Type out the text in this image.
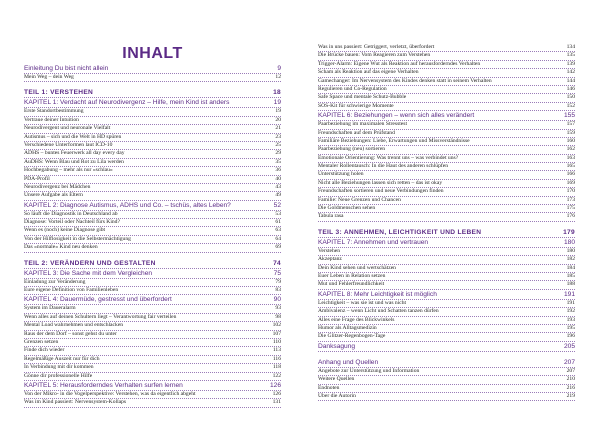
INHALT
Einleitung Du bist nicht allein	9
Mein Weg – dein Weg	12
TEIL 1: VERSTEHEN	18
KAPITEL 1: Verdacht auf Neurodivergenz – Hilfe, mein Kind ist anders	19
Erste Standortbestimmung	19
Vertraue deiner Intuition	20
Neurodivergent und neuronale Vielfalt	21
Autismus – sich und die Welt in HD spüren	23
Verschiedene Unterformen laut ICD-10	25
ADHS – buntes Feuerwerk all day every day	29
AuDHS: Wenn Blau und Rot zu Lila werden	35
Hochbegabung – mehr als nur »schlau«	36
PDA-Profil	40
Neurodivergenz bei Mädchen	43
Unsere Aufgabe als Eltern	49
KAPITEL 2: Diagnose Autismus, ADHS und Co. – tschüs, altes Leben?	52
So läuft die Diagnostik in Deutschland ab	53
Diagnose: Vorteil oder Nachteil fürs Kind?	61
Wenn es (noch) keine Diagnose gibt	63
Von der Hilflosigkeit in die Selbstermächtigung	64
Das »normale« Kind neu denken	69
TEIL 2: VERÄNDERN UND GESTALTEN	74
KAPITEL 3: Die Sache mit dem Vergleichen	75
Einladung zur Veränderung	79
Eure eigene Definition von Familienleben	83
KAPITEL 4: Dauermüde, gestresst und überfordert	90
System im Daueralarm	93
Wenn alles auf deinen Schultern liegt – Verantwortung fair verteilen	98
Mental Load wahrnehmen und entschlacken	102
Raus der dem Dorf – sonst gehst du unter	107
Grenzen setzen	110
Finde dich wieder	113
Regelmäßige Auszeit nur für dich	116
In Verbindung mit dir kommen	118
Gönne dir professionelle Hilfe	122
KAPITEL 5: Herausforderndes Verhalten surfen lernen	126
Von der Mikro- in die Vogelperspektive: Verstehen, was da eigentlich abgeht	126
Was im Kind passiert: Nervensystem-Kollaps	131
Was in uns passiert: Getriggert, verletzt, überfordert	134
Die Brücke bauen: Vom Reagieren zum Verstehen	135
Trigger-Alarm: Eigene Wut als Reaktion auf herausforderndes Verhalten	139
Scham als Reaktion auf das eigene Verhalten	142
Gamechanger: Im Nervensystem des Kindes denken statt in seinem Verhalten	144
Regulieren und Co-Regulation	146
Safe Space und mentale Schutz-Bubble	150
SOS-Kit für schwierige Momente	152
KAPITEL 6: Beziehungen – wenn sich alles verändert	155
Paarbeziehung im maximalen Stresstest	157
Freundschaften auf dem Prüfstand	159
Familiäre Beziehungen: Liebe, Erwartungen und Missverständnisse	160
Paarbeziehung (neu) sortieren	162
Emotionale Orientierung: Was trennt uns – was verbindet uns?	163
Mentaler Rollentausch: In die Haut des anderen schlüpfen	165
Unterstützung holen	166
Nicht alle Beziehungen lassen sich retten – das ist okay	169
Freundschaften sortieren und neue Verbindungen finden	170
Familie: Neue Grenzen und Chancen	173
Die Goldmenschen sehen	175
Tabula rasa	176
TEIL 3: ANNEHMEN, LEICHTIGKEIT UND LEBEN	179
KAPITEL 7: Annehmen und vertrauen	180
Verstehen	180
Akzeptanz	182
Dein Kind sehen und wertschätzen	184
Euer Leben in Relation setzen	185
Mut und Fehlerfreundlichkeit	188
KAPITEL 8: Mehr Leichtigkeit ist möglich	191
Leichtigkeit – was sie ist und was nicht	191
Ambivalenz – wenn Licht und Schatten tanzen dürfen	192
Alles eine Frage des Blickwinkels	193
Humor als Alltagsmedizin	195
Die Glitzer-Regenbogen-Tage	196
Danksagung	205
Anhang und Quellen	207
Angebote zur Unterstützung und Information	207
Weitere Quellen	210
Endnoten	216
Über die Autorin	219
